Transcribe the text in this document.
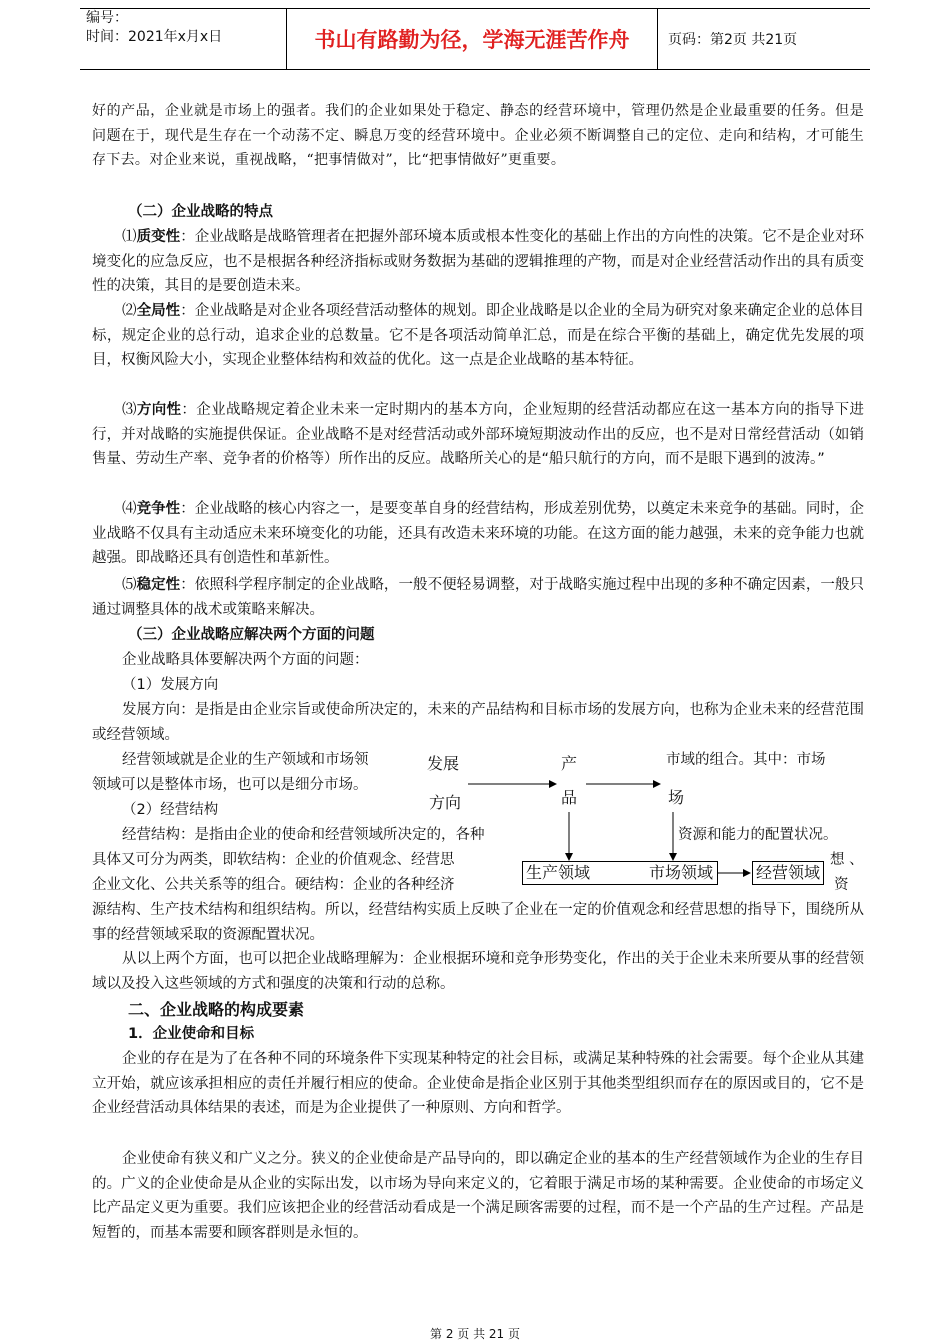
编号：
时间：2021年x月x日	书山有路勤为径，学海无涯苦作舟	页码：第2页 共21页

好的产品，企业就是市场上的强者。我们的企业如果处于稳定、静态的经营环境中，管理仍然是企业最重要的任务。但是问题在于，现代是生存在一个动荡不定、瞬息万变的经营环境中。企业必须不断调整自己的定位、走向和结构，才可能生存下去。对企业来说，重视战略，“把事情做对”，比“把事情做好”更重要。

（二）企业战略的特点

⑴质变性：企业战略是战略管理者在把握外部环境本质或根本性变化的基础上作出的方向性的决策。它不是企业对环境变化的应急反应，也不是根据各种经济指标或财务数据为基础的逻辑推理的产物，而是对企业经营活动作出的具有质变性的决策，其目的是要创造未来。

⑵全局性：企业战略是对企业各项经营活动整体的规划。即企业战略是以企业的全局为研究对象来确定企业的总体目标，规定企业的总行动，追求企业的总数量。它不是各项活动简单汇总，而是在综合平衡的基础上，确定优先发展的项目，权衡风险大小，实现企业整体结构和效益的优化。这一点是企业战略的基本特征。

⑶方向性：企业战略规定着企业未来一定时期内的基本方向，企业短期的经营活动都应在这一基本方向的指导下进行，并对战略的实施提供保证。企业战略不是对经营活动或外部环境短期波动作出的反应，也不是对日常经营活动（如销售量、劳动生产率、竞争者的价格等）所作出的反应。战略所关心的是“船只航行的方向，而不是眼下遇到的波涛。”

⑷竞争性：企业战略的核心内容之一，是要变革自身的经营结构，形成差别优势，以奠定未来竞争的基础。同时，企业战略不仅具有主动适应未来环境变化的功能，还具有改造未来环境的功能。在这方面的能力越强，未来的竞争能力也就越强。即战略还具有创造性和革新性。

⑸稳定性：依照科学程序制定的企业战略，一般不便轻易调整，对于战略实施过程中出现的多种不确定因素，一般只通过调整具体的战术或策略来解决。

（三）企业战略应解决两个方面的问题

企业战略具体要解决两个方面的问题：

（1）发展方向

发展方向：是指是由企业宗旨或使命所决定的，未来的产品结构和目标市场的发展方向，也称为企业未来的经营范围或经营领域。

经营领域就是企业的生产领域和市场领	市域的组合。其中：市场

领域可以是整体市场，也可以是细分市场。

（2）经营结构

经营结构：是指由企业的使命和经营领域所决定的，各种	资源和能力的配置状况。

具体又可分为两类，即软结构：企业的价值观念、经营思	想 、

企业文化、公共关系等的组合。硬结构：企业的各种经济	资

源结构、生产技术结构和组织结构。所以，经营结构实质上反映了企业在一定的价值观念和经营思想的指导下，围绕所从事的经营领域采取的资源配置状况。

发展
方向
产
品	场
生产领域	市场领域	经营领域

从以上两个方面，也可以把企业战略理解为：企业根据环境和竞争形势变化，作出的关于企业未来所要从事的经营领域以及投入这些领域的方式和强度的决策和行动的总称。

二、企业战略的构成要素

1．企业使命和目标

企业的存在是为了在各种不同的环境条件下实现某种特定的社会目标，或满足某种特殊的社会需要。每个企业从其建立开始，就应该承担相应的责任并履行相应的使命。企业使命是指企业区别于其他类型组织而存在的原因或目的，它不是企业经营活动具体结果的表述，而是为企业提供了一种原则、方向和哲学。

企业使命有狭义和广义之分。狭义的企业使命是产品导向的，即以确定企业的基本的生产经营领域作为企业的生存目的。广义的企业使命是从企业的实际出发，以市场为导向来定义的，它着眼于满足市场的某种需要。企业使命的市场定义比产品定义更为重要。我们应该把企业的经营活动看成是一个满足顾客需要的过程，而不是一个产品的生产过程。产品是短暂的，而基本需要和顾客群则是永恒的。

第 2 页 共 21 页
